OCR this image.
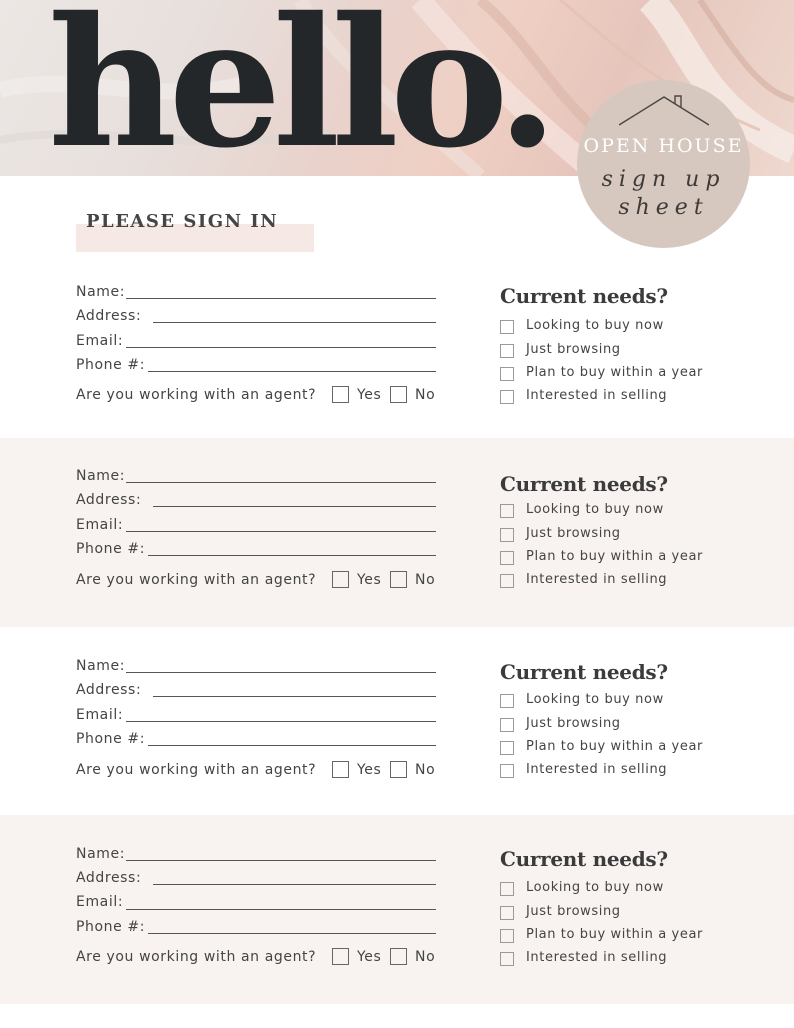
hello.	OPEN HOUSE
sign up
sheet
PLEASE SIGN IN
Name:
Address:
Email:
Phone #:
Are you working with an agent?	Yes No
Current needs?
Looking to buy now
Just browsing
Plan to buy within a year
Interested in selling
Name:
Address:
Email:
Phone #:
Are you working with an agent?	Yes No
Current needs?
Looking to buy now
Just browsing
Plan to buy within a year
Interested in selling
Name:
Address:
Email:
Phone #:
Are you working with an agent?	Yes No
Current needs?
Looking to buy now
Just browsing
Plan to buy within a year
Interested in selling
Name:
Address:
Email:
Phone #:
Are you working with an agent?	Yes No
Current needs?
Looking to buy now
Just browsing
Plan to buy within a year
Interested in selling
